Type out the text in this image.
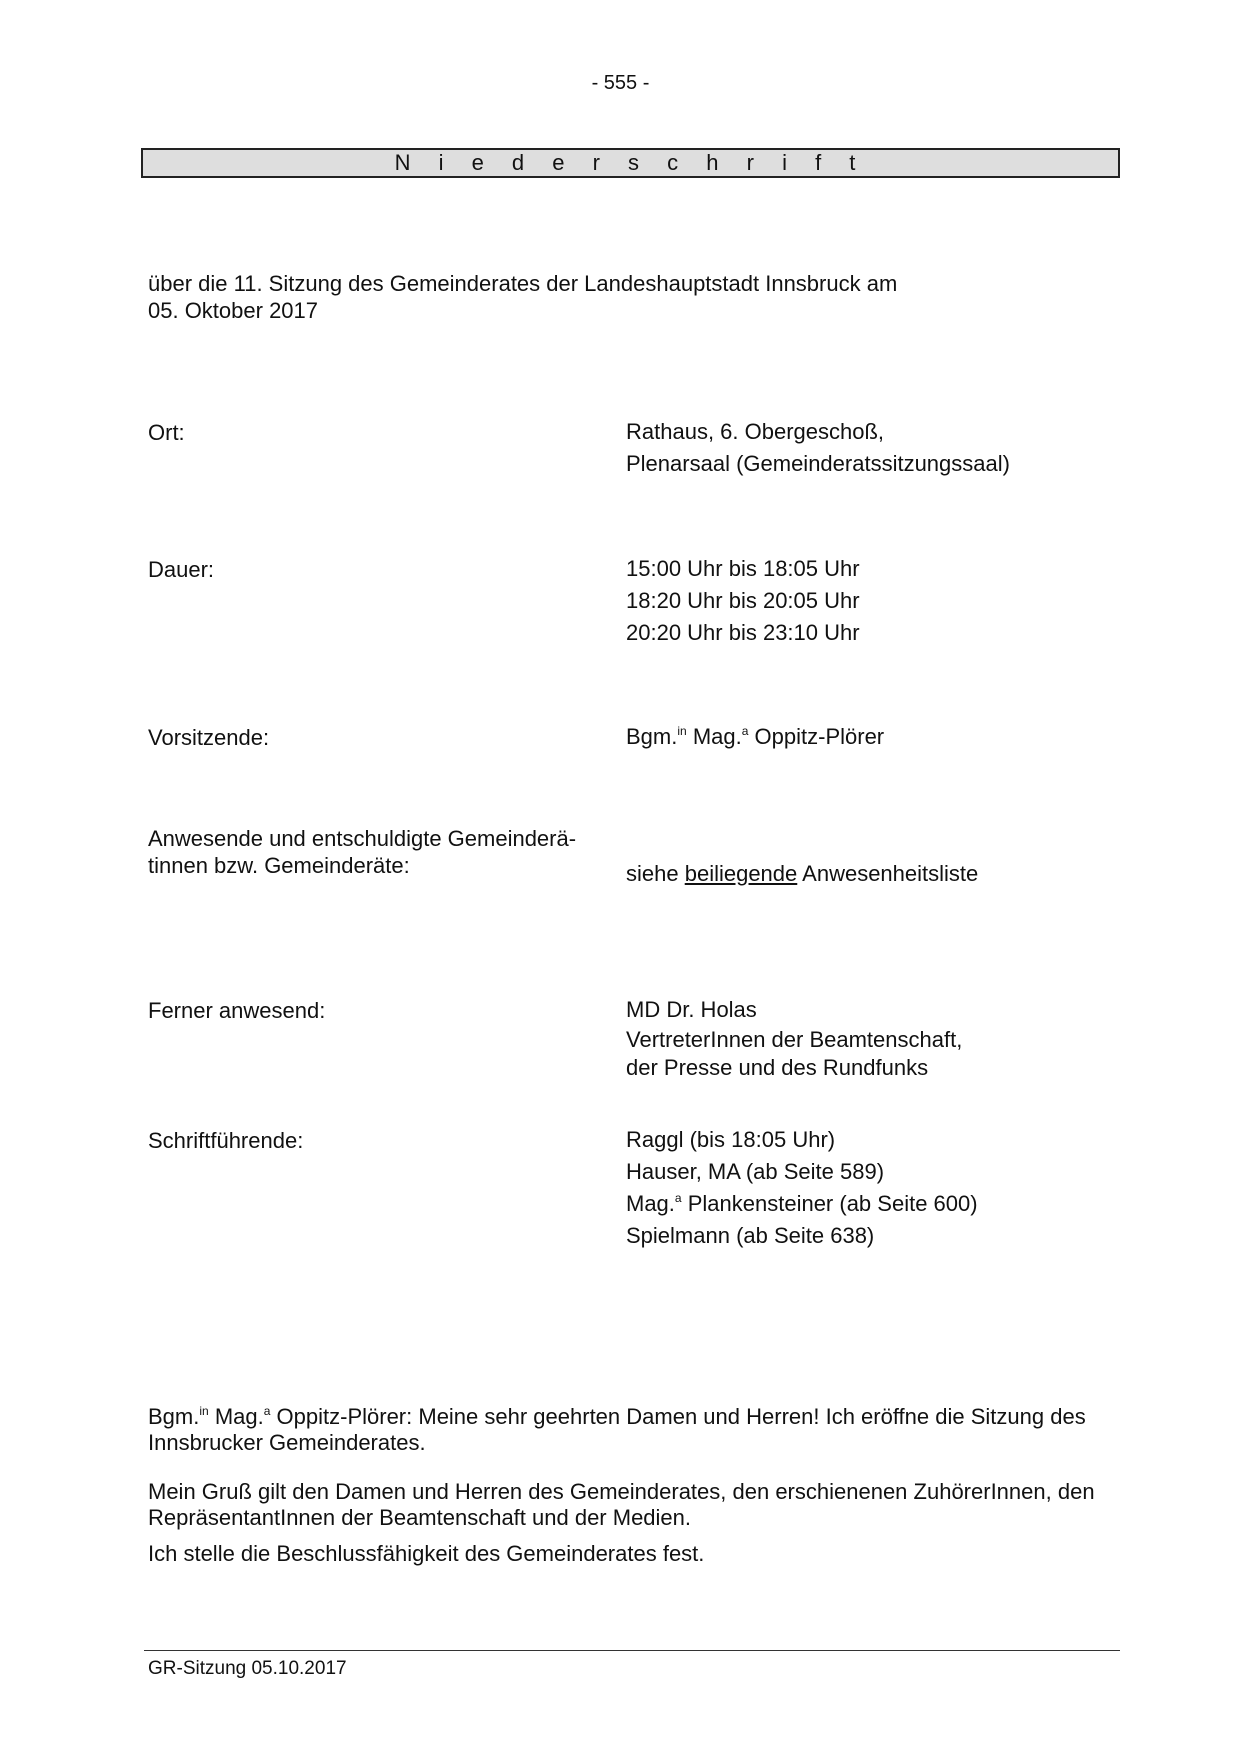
- 555 -
N i e d e r s c h r i f t
über die 11. Sitzung des Gemeinderates der Landeshauptstadt Innsbruck am
05. Oktober 2017
Ort:	Rathaus, 6. Obergeschoß,
Plenarsaal (Gemeinderatssitzungssaal)
Dauer:	15:00 Uhr bis 18:05 Uhr
18:20 Uhr bis 20:05 Uhr
20:20 Uhr bis 23:10 Uhr
Vorsitzende:	Bgm.$^{in}$ Mag.$^a$ Oppitz-Plörer
Anwesende und entschuldigte Gemeinderä-
tinnen bzw. Gemeinderäte:	siehe beiliegende Anwesenheitsliste
Ferner anwesend:	MD Dr. Holas
VertreterInnen der Beamtenschaft,
der Presse und des Rundfunks
Schriftführende:	Raggl (bis 18:05 Uhr)
Hauser, MA (ab Seite 589)
Mag.$^a$ Plankensteiner (ab Seite 600)
Spielmann (ab Seite 638)
Bgm.$^{in}$ Mag.$^a$ Oppitz-Plörer: Meine sehr geehrten Damen und Herren! Ich eröffne die Sitzung des Innsbrucker Gemeinderates.
Mein Gruß gilt den Damen und Herren des Gemeinderates, den erschienenen ZuhörerInnen, den RepräsentantInnen der Beamtenschaft und der Medien.
Ich stelle die Beschlussfähigkeit des Gemeinderates fest.
GR-Sitzung 05.10.2017
